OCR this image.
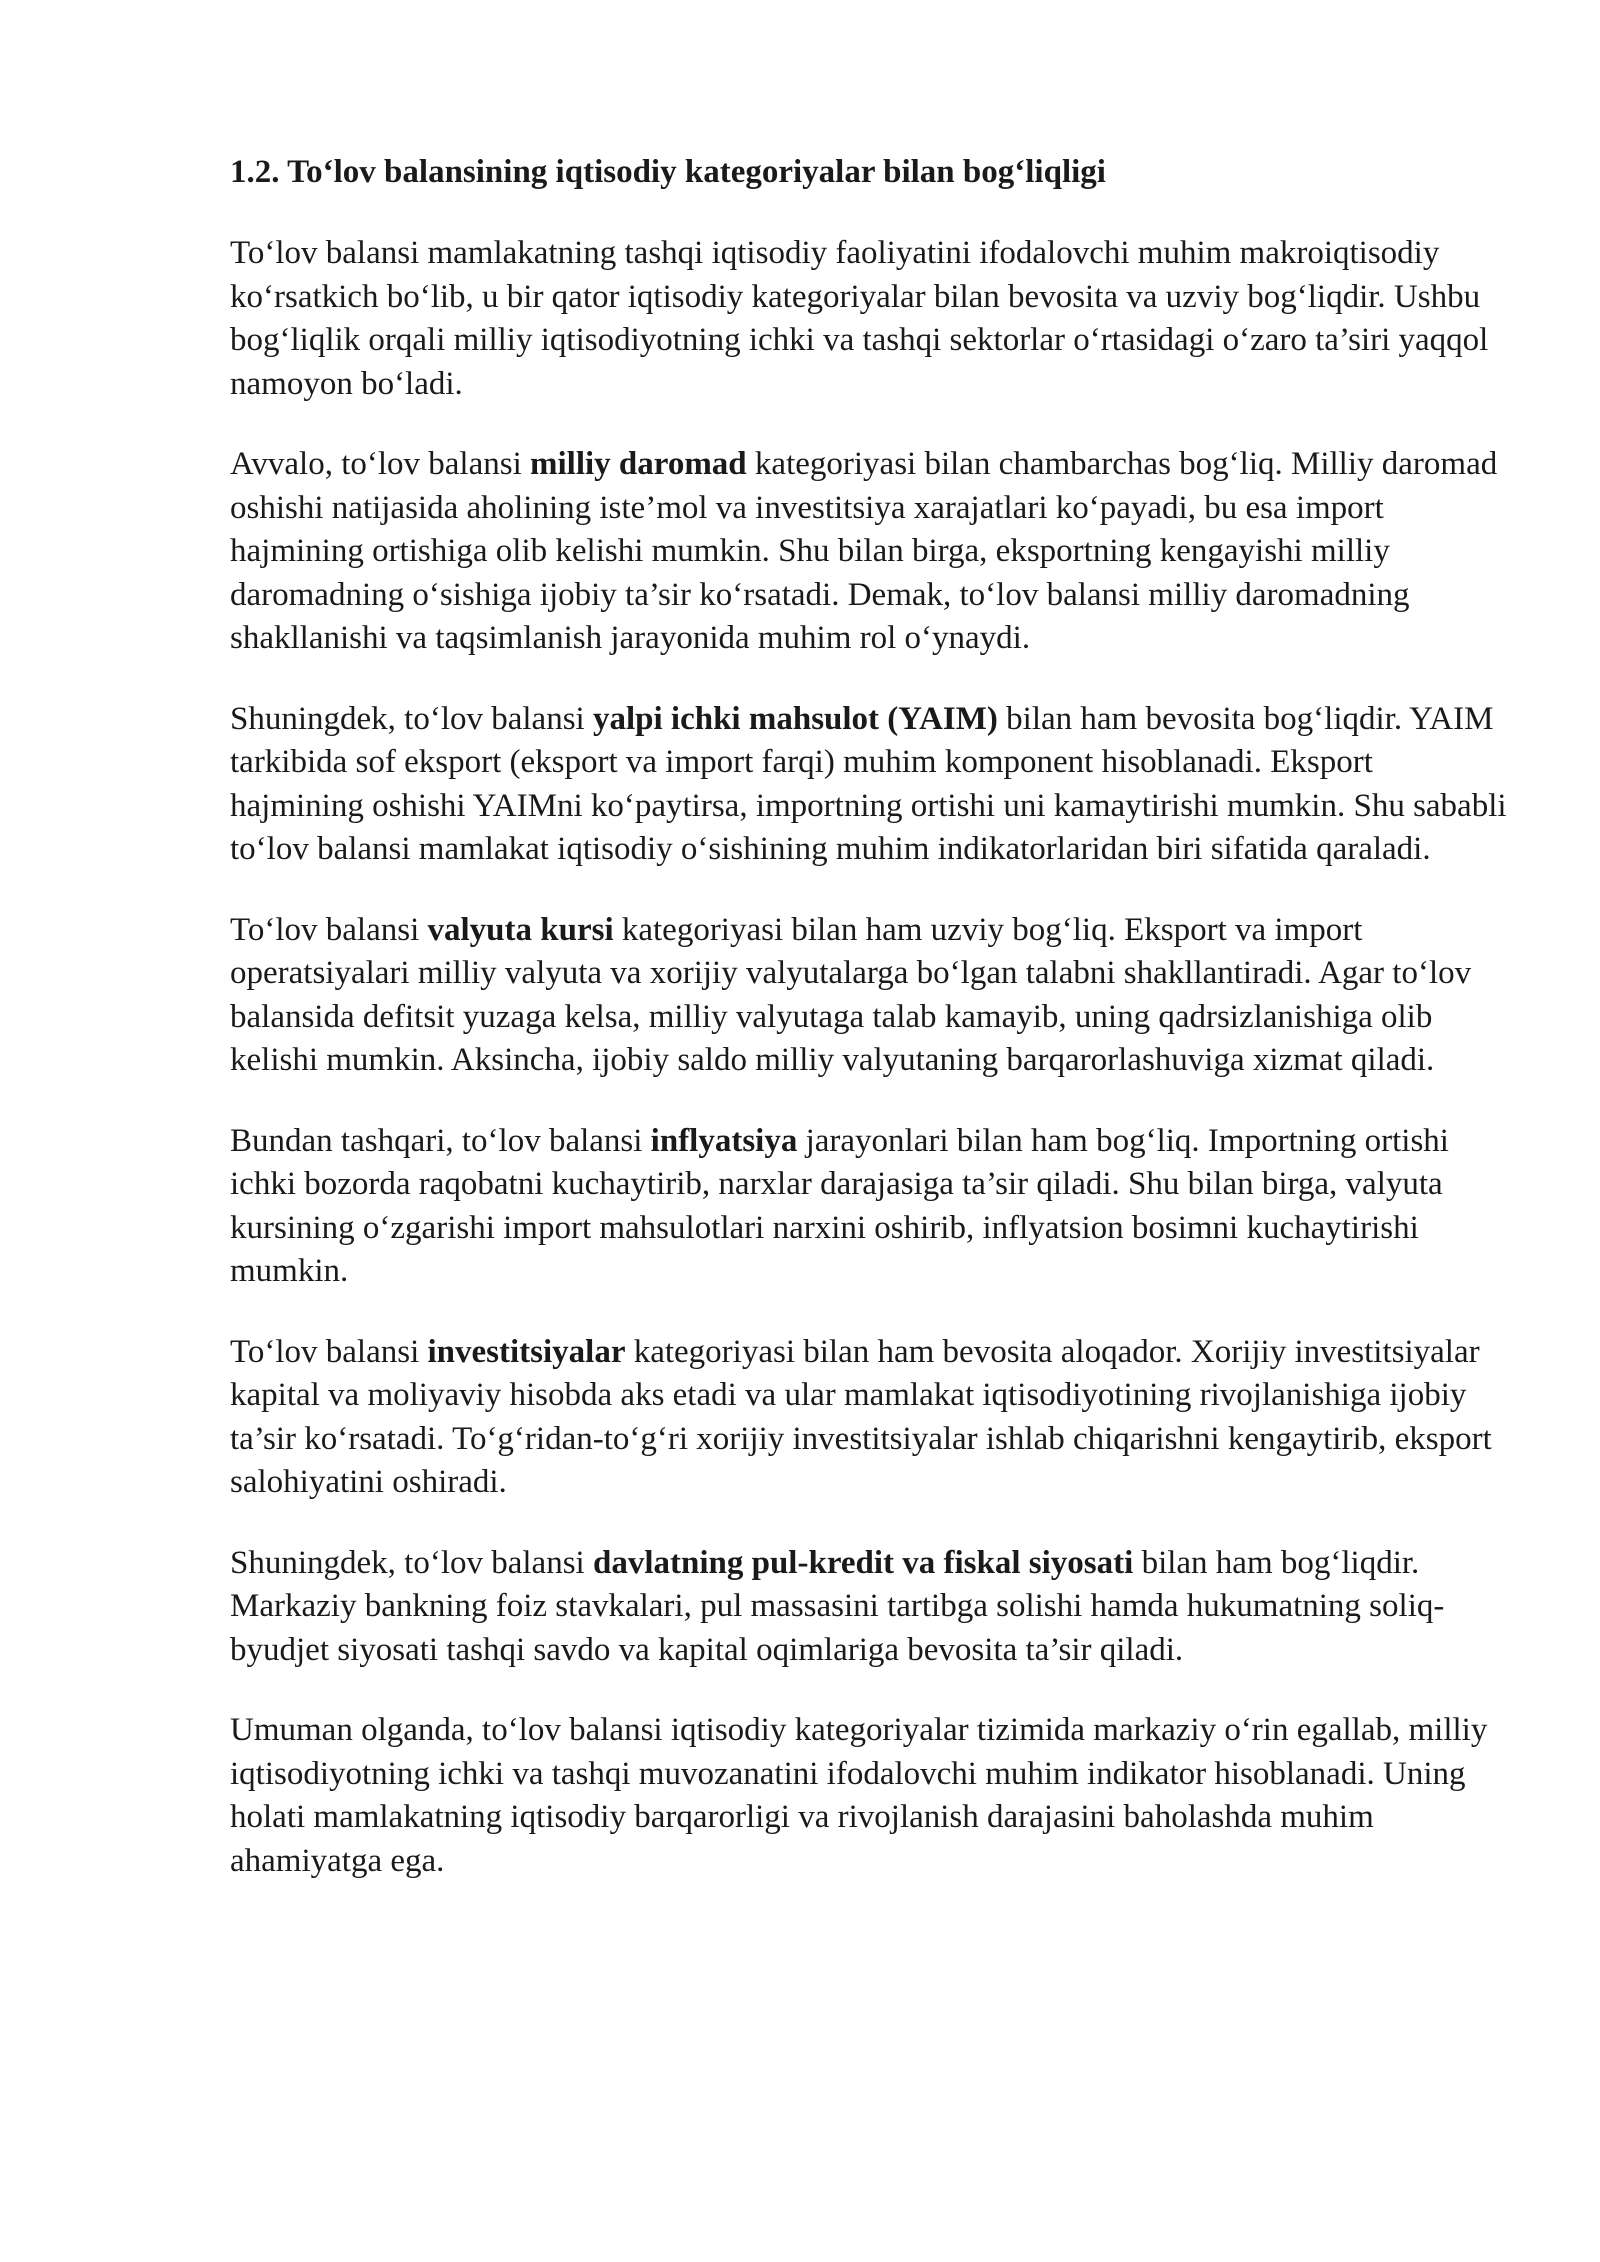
1.2. To‘lov balansining iqtisodiy kategoriyalar bilan bog‘liqligi

To‘lov balansi mamlakatning tashqi iqtisodiy faoliyatini ifodalovchi muhim makroiqtisodiy ko‘rsatkich bo‘lib, u bir qator iqtisodiy kategoriyalar bilan bevosita va uzviy bog‘liqdir. Ushbu bog‘liqlik orqali milliy iqtisodiyotning ichki va tashqi sektorlar o‘rtasidagi o‘zaro ta’siri yaqqol namoyon bo‘ladi.

Avvalo, to‘lov balansi milliy daromad kategoriyasi bilan chambarchas bog‘liq. Milliy daromad oshishi natijasida aholining iste’mol va investitsiya xarajatlari ko‘payadi, bu esa import hajmining ortishiga olib kelishi mumkin. Shu bilan birga, eksportning kengayishi milliy daromadning o‘sishiga ijobiy ta’sir ko‘rsatadi. Demak, to‘lov balansi milliy daromadning shakllanishi va taqsimlanish jarayonida muhim rol o‘ynaydi.

Shuningdek, to‘lov balansi yalpi ichki mahsulot (YAIM) bilan ham bevosita bog‘liqdir. YAIM tarkibida sof eksport (eksport va import farqi) muhim komponent hisoblanadi. Eksport hajmining oshishi YAIMni ko‘paytirsa, importning ortishi uni kamaytirishi mumkin. Shu sababli to‘lov balansi mamlakat iqtisodiy o‘sishining muhim indikatorlaridan biri sifatida qaraladi.

To‘lov balansi valyuta kursi kategoriyasi bilan ham uzviy bog‘liq. Eksport va import operatsiyalari milliy valyuta va xorijiy valyutalarga bo‘lgan talabni shakllantiradi. Agar to‘lov balansida defitsit yuzaga kelsa, milliy valyutaga talab kamayib, uning qadrsizlanishiga olib kelishi mumkin. Aksincha, ijobiy saldo milliy valyutaning barqarorlashuviga xizmat qiladi.

Bundan tashqari, to‘lov balansi inflyatsiya jarayonlari bilan ham bog‘liq. Importning ortishi ichki bozorda raqobatni kuchaytirib, narxlar darajasiga ta’sir qiladi. Shu bilan birga, valyuta kursining o‘zgarishi import mahsulotlari narxini oshirib, inflyatsion bosimni kuchaytirishi mumkin.

To‘lov balansi investitsiyalar kategoriyasi bilan ham bevosita aloqador. Xorijiy investitsiyalar kapital va moliyaviy hisobda aks etadi va ular mamlakat iqtisodiyotining rivojlanishiga ijobiy ta’sir ko‘rsatadi. To‘g‘ridan-to‘g‘ri xorijiy investitsiyalar ishlab chiqarishni kengaytirib, eksport salohiyatini oshiradi.

Shuningdek, to‘lov balansi davlatning pul-kredit va fiskal siyosati bilan ham bog‘liqdir. Markaziy bankning foiz stavkalari, pul massasini tartibga solishi hamda hukumatning soliq-byudjet siyosati tashqi savdo va kapital oqimlariga bevosita ta’sir qiladi.

Umuman olganda, to‘lov balansi iqtisodiy kategoriyalar tizimida markaziy o‘rin egallab, milliy iqtisodiyotning ichki va tashqi muvozanatini ifodalovchi muhim indikator hisoblanadi. Uning holati mamlakatning iqtisodiy barqarorligi va rivojlanish darajasini baholashda muhim ahamiyatga ega.
